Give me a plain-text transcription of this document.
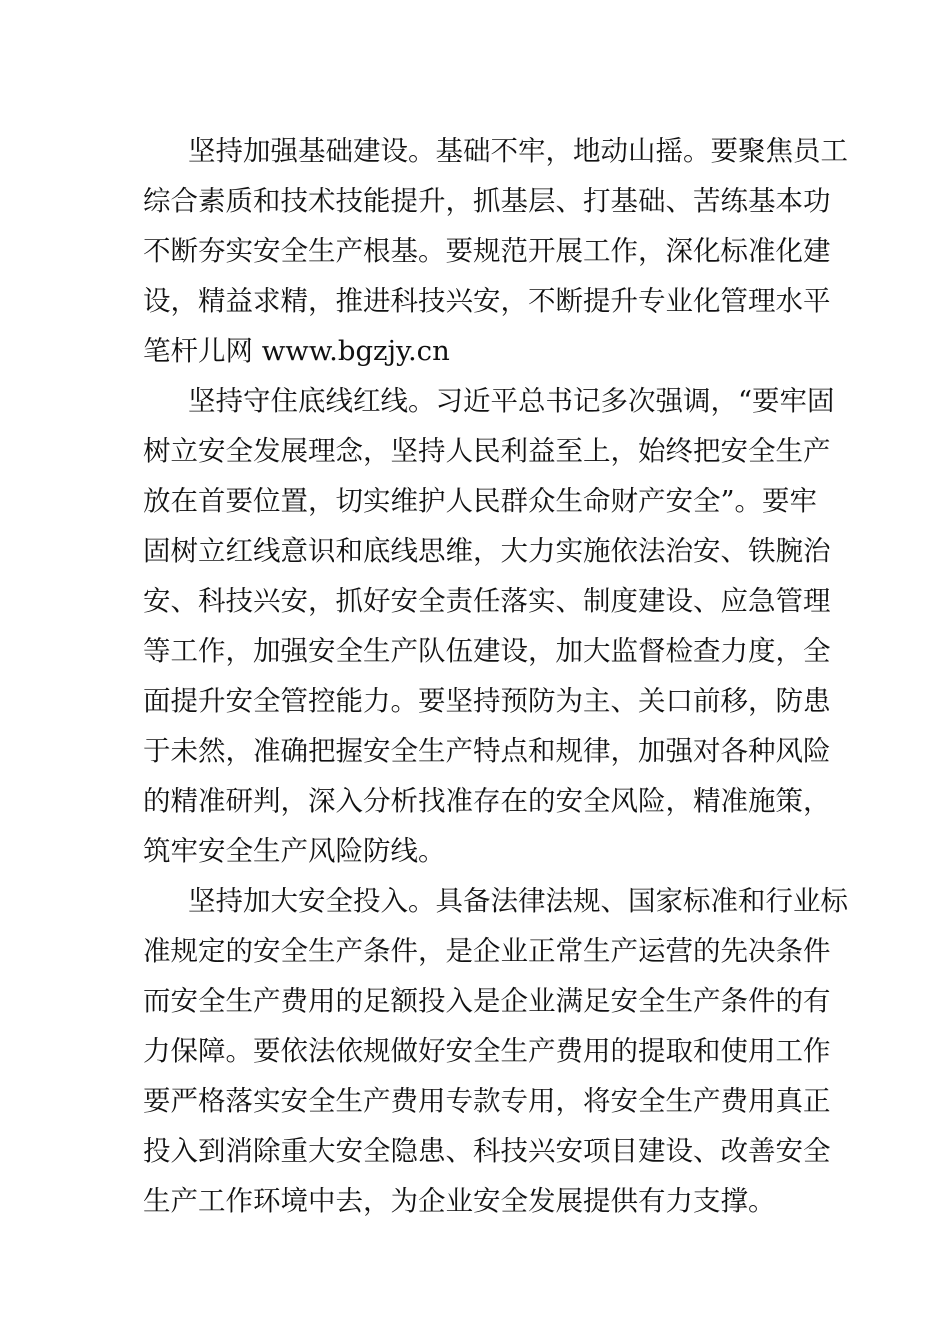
坚持加强基础建设。基础不牢，地动山摇。要聚焦员工

综合素质和技术技能提升，抓基层、打基础、苦练基本功

不断夯实安全生产根基。要规范开展工作，深化标准化建

设，精益求精，推进科技兴安，不断提升专业化管理水平

笔杆儿网 www.bgzjy.cn

坚持守住底线红线。习近平总书记多次强调，“要牢固

树立安全发展理念，坚持人民利益至上，始终把安全生产

放在首要位置，切实维护人民群众生命财产安全”。要牢

固树立红线意识和底线思维，大力实施依法治安、铁腕治

安、科技兴安，抓好安全责任落实、制度建设、应急管理

等工作，加强安全生产队伍建设，加大监督检查力度，全

面提升安全管控能力。要坚持预防为主、关口前移，防患

于未然，准确把握安全生产特点和规律，加强对各种风险

的精准研判，深入分析找准存在的安全风险，精准施策，

筑牢安全生产风险防线。

坚持加大安全投入。具备法律法规、国家标准和行业标

准规定的安全生产条件，是企业正常生产运营的先决条件

而安全生产费用的足额投入是企业满足安全生产条件的有

力保障。要依法依规做好安全生产费用的提取和使用工作

要严格落实安全生产费用专款专用，将安全生产费用真正

投入到消除重大安全隐患、科技兴安项目建设、改善安全

生产工作环境中去，为企业安全发展提供有力支撑。
